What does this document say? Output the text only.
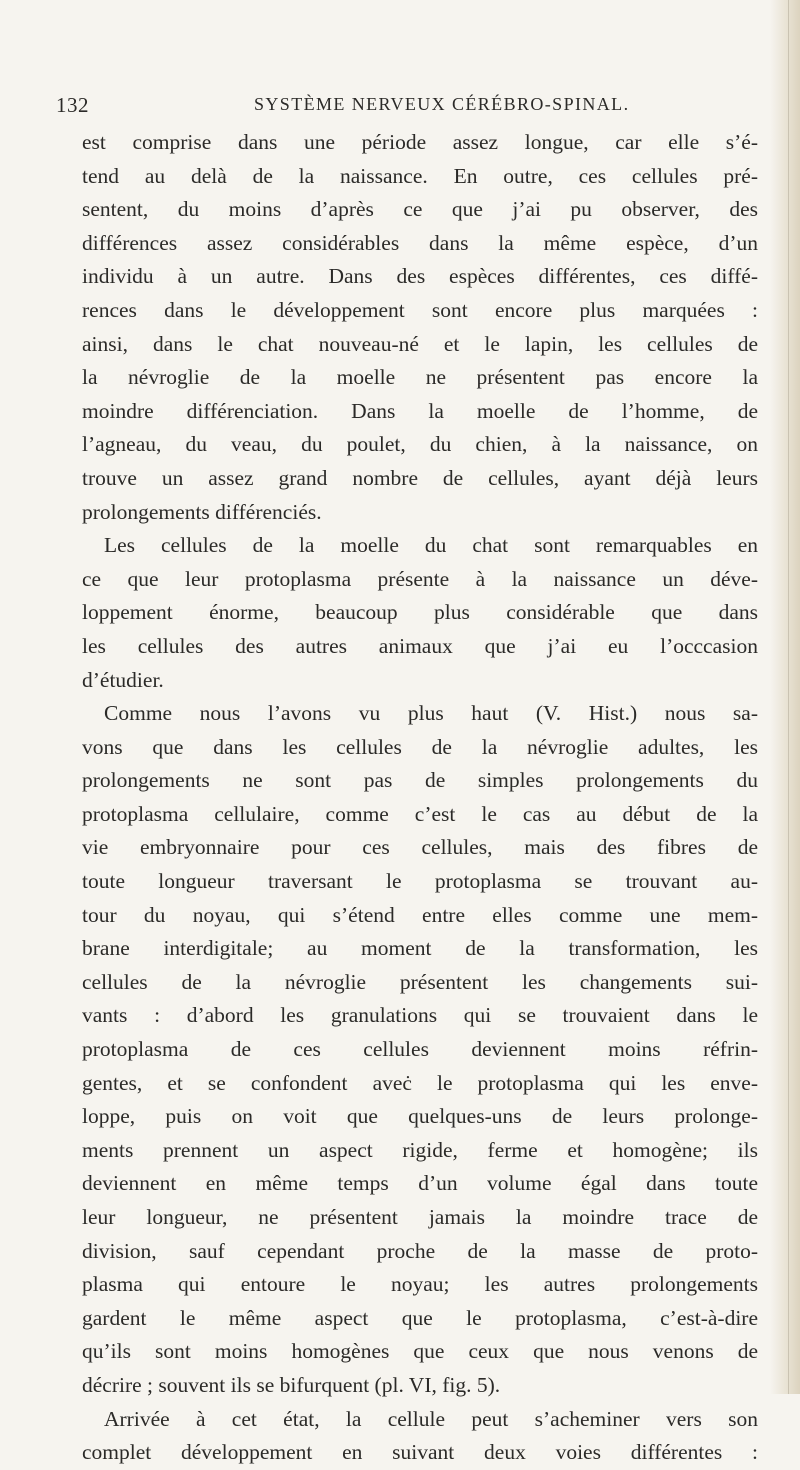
132	SYSTÈME NERVEUX CÉRÉBRO-SPINAL.
est comprise dans une période assez longue, car elle s’é-
tend au delà de la naissance. En outre, ces cellules pré-
sentent, du moins d’après ce que j’ai pu observer, des
différences assez considérables dans la même espèce, d’un
individu à un autre. Dans des espèces différentes, ces diffé-
rences dans le développement sont encore plus marquées :
ainsi, dans le chat nouveau-né et le lapin, les cellules de
la névroglie de la moelle ne présentent pas encore la
moindre différenciation. Dans la moelle de l’homme, de
l’agneau, du veau, du poulet, du chien, à la naissance, on
trouve un assez grand nombre de cellules, ayant déjà leurs
prolongements différenciés.
Les cellules de la moelle du chat sont remarquables en
ce que leur protoplasma présente à la naissance un déve-
loppement énorme, beaucoup plus considérable que dans
les cellules des autres animaux que j’ai eu l’occcasion
d’étudier.
Comme nous l’avons vu plus haut (V. Hist.) nous sa-
vons que dans les cellules de la névroglie adultes, les
prolongements ne sont pas de simples prolongements du
protoplasma cellulaire, comme c’est le cas au début de la
vie embryonnaire pour ces cellules, mais des fibres de
toute longueur traversant le protoplasma se trouvant au-
tour du noyau, qui s’étend entre elles comme une mem-
brane interdigitale; au moment de la transformation, les
cellules de la névroglie présentent les changements sui-
vants : d’abord les granulations qui se trouvaient dans le
protoplasma de ces cellules deviennent moins réfrin-
gentes, et se confondent aveċ le protoplasma qui les enve-
loppe, puis on voit que quelques-uns de leurs prolonge-
ments prennent un aspect rigide, ferme et homogène; ils
deviennent en même temps d’un volume égal dans toute
leur longueur, ne présentent jamais la moindre trace de
division, sauf cependant proche de la masse de proto-
plasma qui entoure le noyau; les autres prolongements
gardent le même aspect que le protoplasma, c’est-à-dire
qu’ils sont moins homogènes que ceux que nous venons de
décrire ; souvent ils se bifurquent (pl. VI, fig. 5).
Arrivée à cet état, la cellule peut s’acheminer vers son
complet développement en suivant deux voies différentes :
